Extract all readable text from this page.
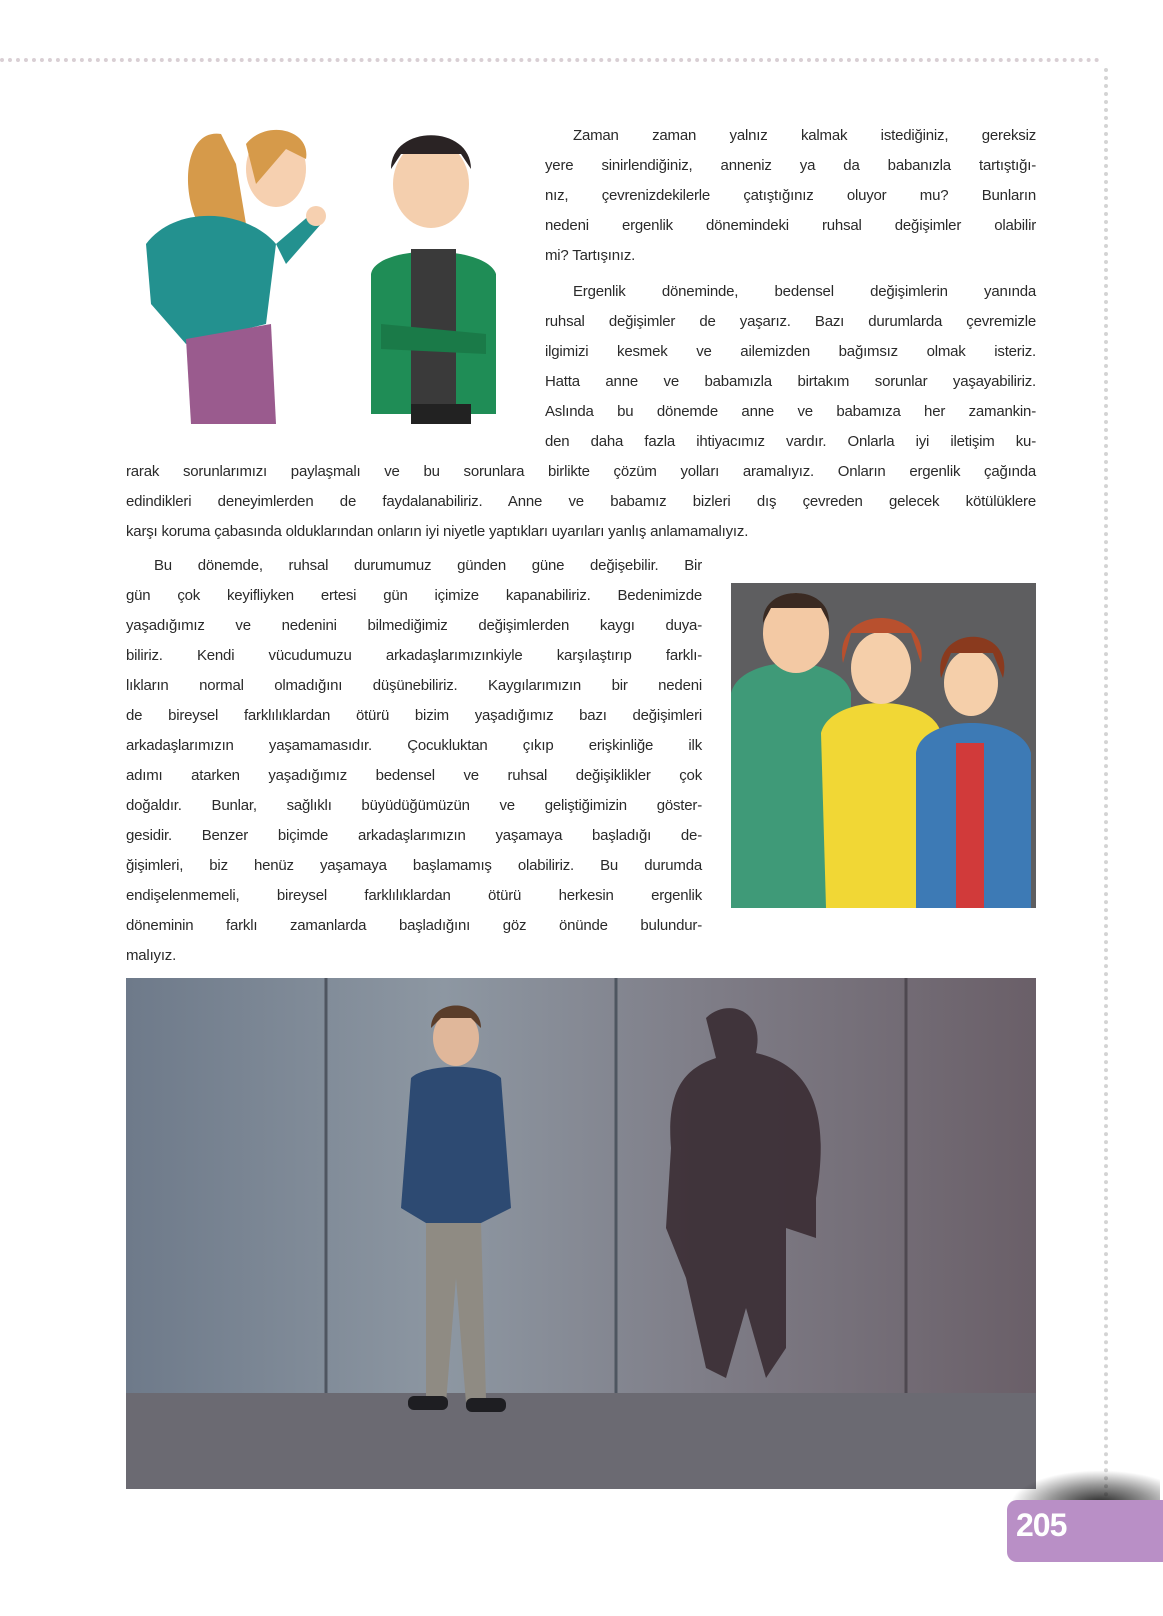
Zaman zaman yalnız kalmak istediğiniz, gereksiz
yere sinirlendiğiniz, anneniz ya da babanızla tartıştığı-
nız, çevrenizdekilerle çatıştığınız oluyor mu? Bunların
nedeni ergenlik dönemindeki ruhsal değişimler olabilir
mi? Tartışınız.
Ergenlik döneminde, bedensel değişimlerin yanında
ruhsal değişimler de yaşarız. Bazı durumlarda çevremizle
ilgimizi kesmek ve ailemizden bağımsız olmak isteriz.
Hatta anne ve babamızla birtakım sorunlar yaşayabiliriz.
Aslında bu dönemde anne ve babamıza her zamankin-
den daha fazla ihtiyacımız vardır. Onlarla iyi iletişim ku-
rarak sorunlarımızı paylaşmalı ve bu sorunlara birlikte çözüm yolları aramalıyız. Onların ergenlik çağında
edindikleri deneyimlerden de faydalanabiliriz. Anne ve babamız bizleri dış çevreden gelecek kötülüklere
karşı koruma çabasında olduklarından onların iyi niyetle yaptıkları uyarıları yanlış anlamamalıyız.
Bu dönemde, ruhsal durumumuz günden güne değişebilir. Bir
gün çok keyifliyken ertesi gün içimize kapanabiliriz. Bedenimizde
yaşadığımız ve nedenini bilmediğimiz değişimlerden kaygı duya-
biliriz. Kendi vücudumuzu arkadaşlarımızınkiyle karşılaştırıp farklı-
lıkların normal olmadığını düşünebiliriz. Kaygılarımızın bir nedeni
de bireysel farklılıklardan ötürü bizim yaşadığımız bazı değişimleri
arkadaşlarımızın yaşamamasıdır. Çocukluktan çıkıp erişkinliğe ilk
adımı atarken yaşadığımız bedensel ve ruhsal değişiklikler çok
doğaldır. Bunlar, sağlıklı büyüdüğümüzün ve geliştiğimizin göster-
gesidir. Benzer biçimde arkadaşlarımızın yaşamaya başladığı de-
ğişimleri, biz henüz yaşamaya başlamamış olabiliriz. Bu durumda
endişelenmemeli, bireysel farklılıklardan ötürü herkesin ergenlik
döneminin farklı zamanlarda başladığını göz önünde bulundur-
malıyız.
205
